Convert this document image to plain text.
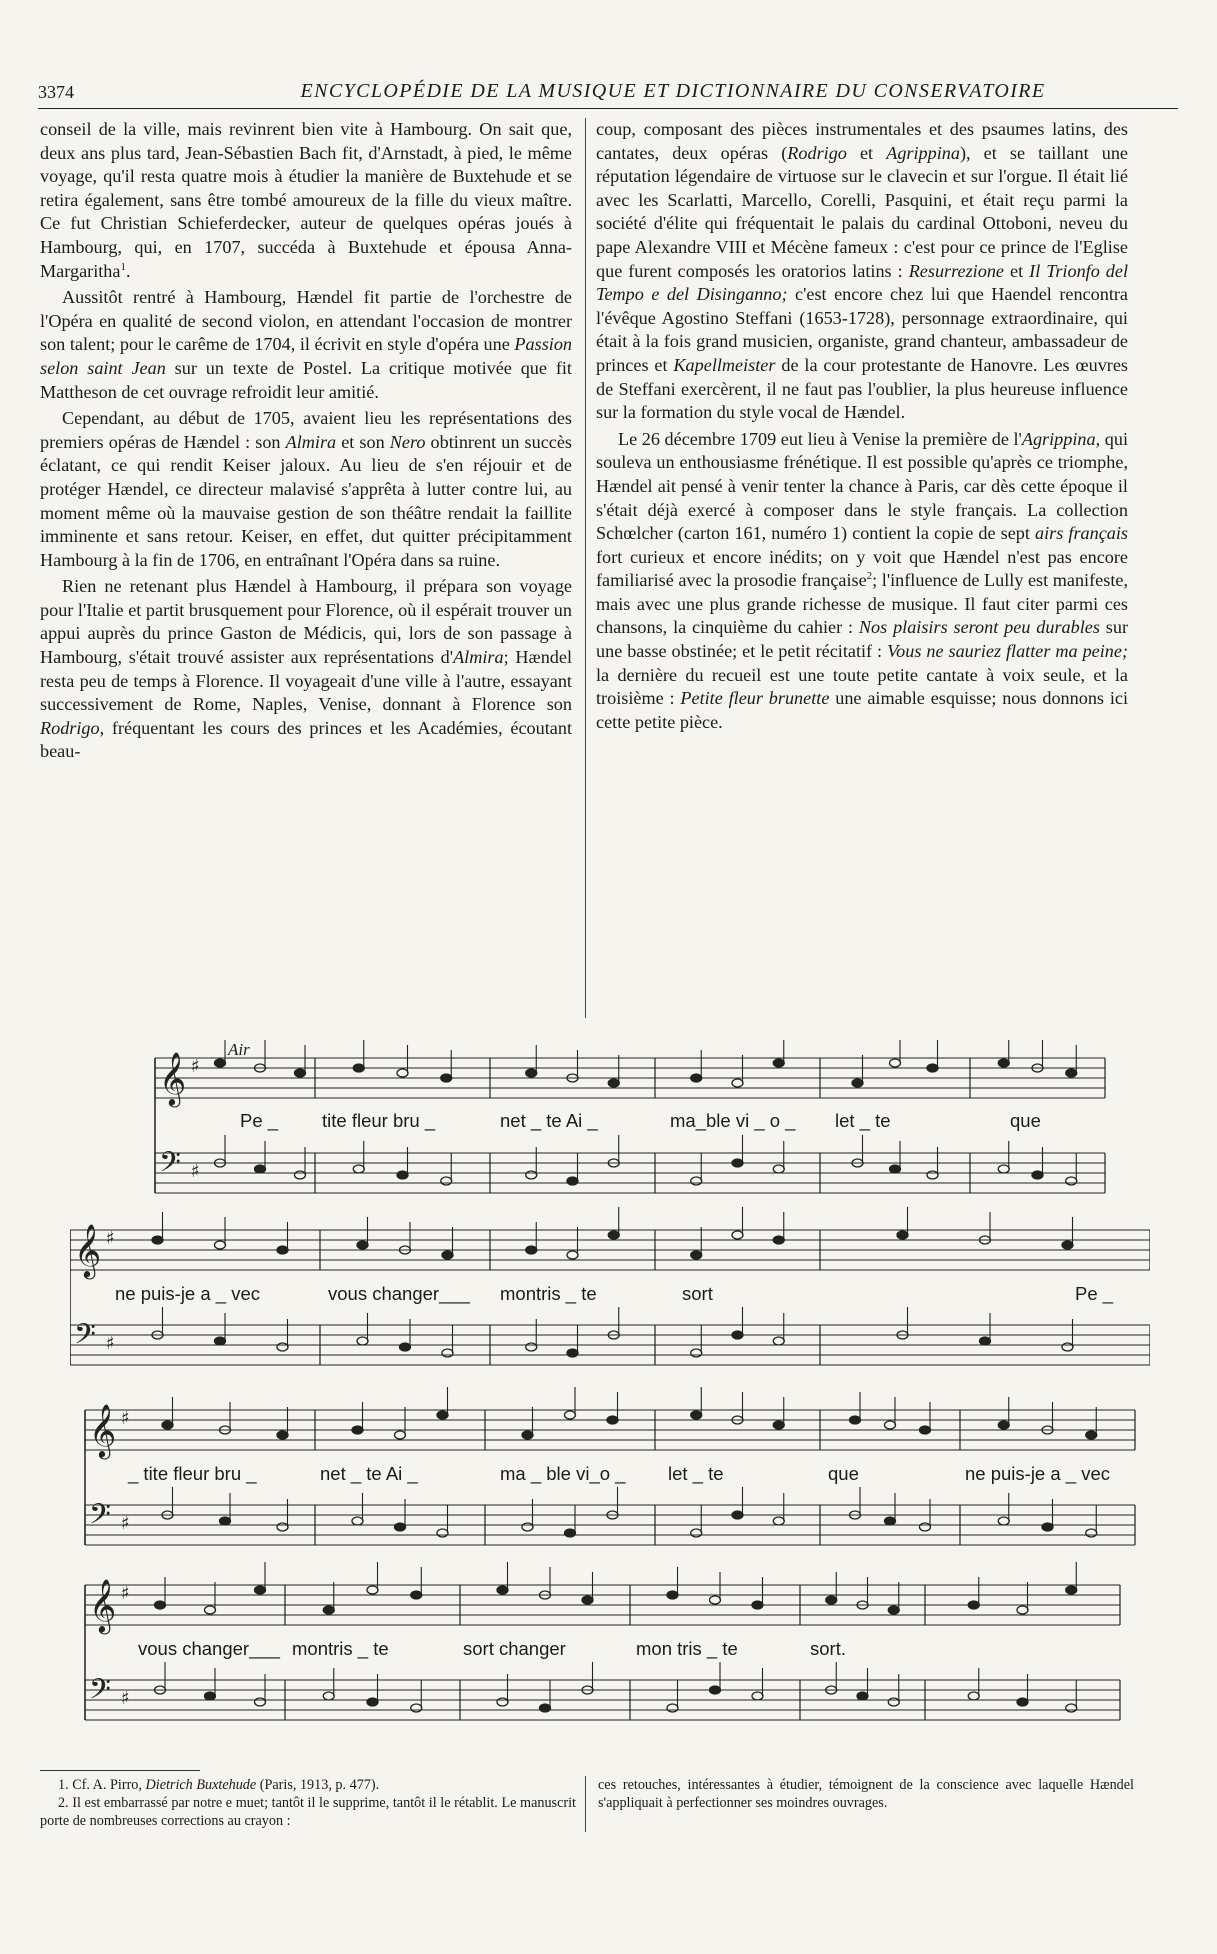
3374	ENCYCLOPÉDIE DE LA MUSIQUE ET DICTIONNAIRE DU CONSERVATOIRE

conseil de la ville, mais revinrent bien vite à Hambourg. On sait que, deux ans plus tard, Jean-Sébastien Bach fit, d'Arnstadt, à pied, le même voyage, qu'il resta quatre mois à étudier la manière de Buxtehude et se retira également, sans être tombé amoureux de la fille du vieux maître. Ce fut Christian Schieferdecker, auteur de quelques opéras joués à Hambourg, qui, en 1707, succéda à Buxtehude et épousa Anna-Margaritha$^1$.

Aussitôt rentré à Hambourg, Hændel fit partie de l'orchestre de l'Opéra en qualité de second violon, en attendant l'occasion de montrer son talent; pour le carême de 1704, il écrivit en style d'opéra une Passion selon saint Jean sur un texte de Postel. La critique motivée que fit Mattheson de cet ouvrage refroidit leur amitié.

Cependant, au début de 1705, avaient lieu les représentations des premiers opéras de Hændel : son Almira et son Nero obtinrent un succès éclatant, ce qui rendit Keiser jaloux. Au lieu de s'en réjouir et de protéger Hændel, ce directeur malavisé s'apprêta à lutter contre lui, au moment même où la mauvaise gestion de son théâtre rendait la faillite imminente et sans retour. Keiser, en effet, dut quitter précipitamment Hambourg à la fin de 1706, en entraînant l'Opéra dans sa ruine.

Rien ne retenant plus Hændel à Hambourg, il prépara son voyage pour l'Italie et partit brusquement pour Florence, où il espérait trouver un appui auprès du prince Gaston de Médicis, qui, lors de son passage à Hambourg, s'était trouvé assister aux représentations d'Almira; Hændel resta peu de temps à Florence. Il voyageait d'une ville à l'autre, essayant successivement de Rome, Naples, Venise, donnant à Florence son Rodrigo, fréquentant les cours des princes et les Académies, écoutant beau-

coup, composant des pièces instrumentales et des psaumes latins, des cantates, deux opéras (Rodrigo et Agrippina), et se taillant une réputation légendaire de virtuose sur le clavecin et sur l'orgue. Il était lié avec les Scarlatti, Marcello, Corelli, Pasquini, et était reçu parmi la société d'élite qui fréquentait le palais du cardinal Ottoboni, neveu du pape Alexandre VIII et Mécène fameux : c'est pour ce prince de l'Eglise que furent composés les oratorios latins : Resurrezione et Il Trionfo del Tempo e del Disinganno; c'est encore chez lui que Haendel rencontra l'évêque Agostino Steffani (1653-1728), personnage extraordinaire, qui était à la fois grand musicien, organiste, grand chanteur, ambassadeur de princes et Kapellmeister de la cour protestante de Hanovre. Les œuvres de Steffani exercèrent, il ne faut pas l'oublier, la plus heureuse influence sur la formation du style vocal de Hændel.

Le 26 décembre 1709 eut lieu à Venise la première de l'Agrippina, qui souleva un enthousiasme frénétique. Il est possible qu'après ce triomphe, Hændel ait pensé à venir tenter la chance à Paris, car dès cette époque il s'était déjà exercé à composer dans le style français. La collection Schœlcher (carton 161, numéro 1) contient la copie de sept airs français fort curieux et encore inédits; on y voit que Hændel n'est pas encore familiarisé avec la prosodie française$^2$; l'influence de Lully est manifeste, mais avec une plus grande richesse de musique. Il faut citer parmi ces chansons, la cinquième du cahier : Nos plaisirs seront peu durables sur une basse obstinée; et le petit récitatif : Vous ne sauriez flatter ma peine; la dernière du recueil est une toute petite cantate à voix seule, et la troisième : Petite fleur brunette une aimable esquisse; nous donnons ici cette petite pièce.

𝄞 ♯
𝄢 ♯
𝄞 ♯
𝄢 ♯
𝄞 ♯
𝄢 ♯
𝄞 ♯
𝄢 ♯
Air
Pe _ tite fleur bru _	net _ te Ai _	ma_ble vi _ o _ let _ te	que
ne puis-je a _ vec	vous changer___ montris _ te	sort	Pe _
_ tite fleur bru _	net _ te Ai _	ma _ ble vi_o _ let _ te	que	ne puis-je a _ vec
vous changer___ montris _ te	sort changer	mon tris _ te	sort.

1. Cf. A. Pirro, Dietrich Buxtehude (Paris, 1913, p. 477).

2. Il est embarrassé par notre e muet; tantôt il le supprime, tantôt il le rétablit. Le manuscrit porte de nombreuses corrections au crayon :

ces retouches, intéressantes à étudier, témoignent de la conscience avec laquelle Hændel s'appliquait à perfectionner ses moindres ouvrages.
